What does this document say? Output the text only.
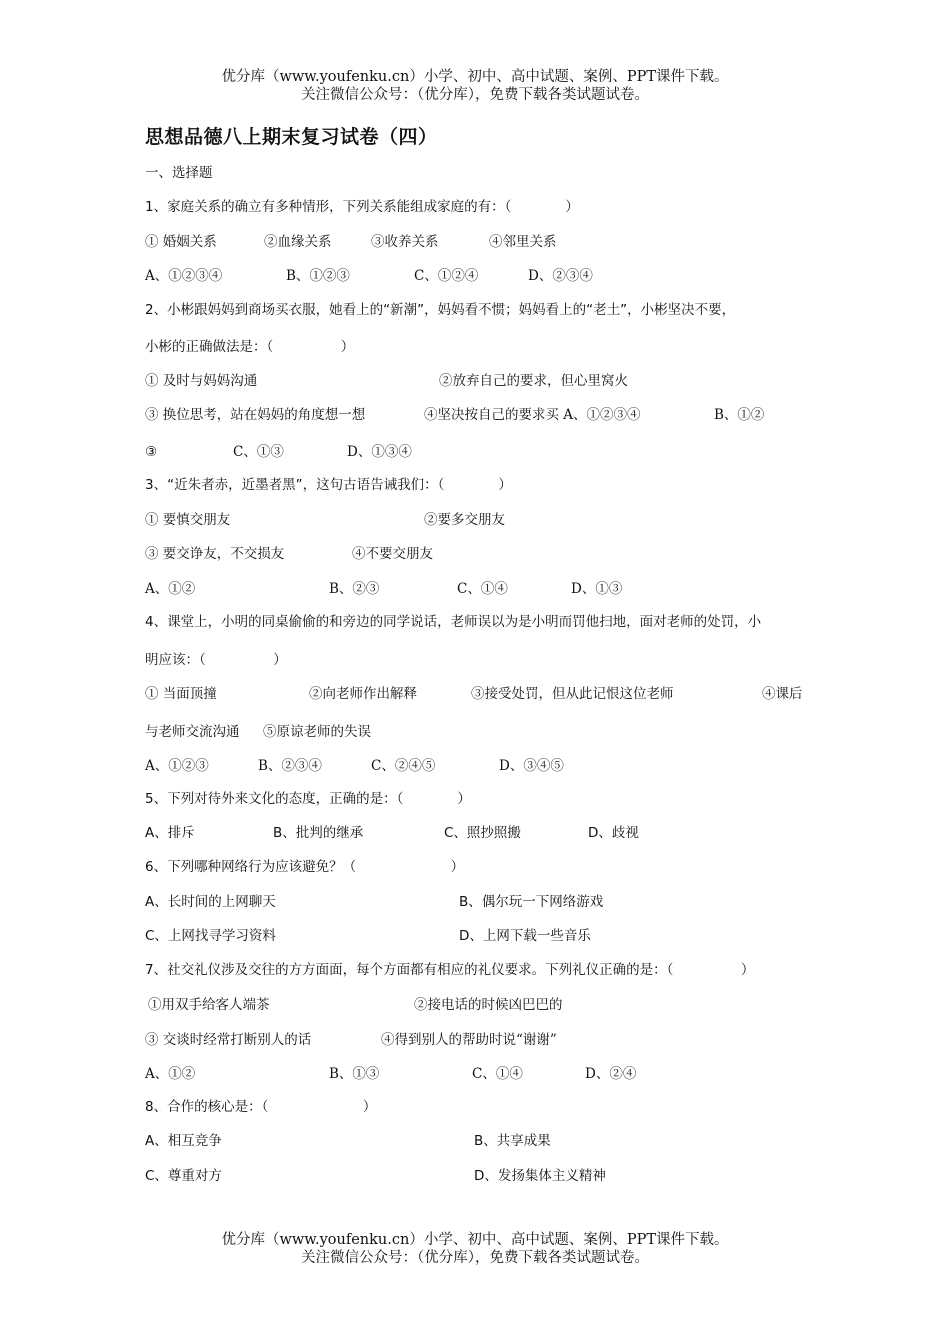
优分库（www.youfenku.cn）小学、初中、高中试题、案例、PPT课件下载。
关注微信公众号：（优分库），免费下载各类试题试卷。
思想品德八上期末复习试卷（四）
一、选择题
1、家庭关系的确立有多种情形，下列关系能组成家庭的有：（　　　　）
① 婚姻关系	②血缘关系	③收养关系	④邻里关系
A、①②③④	B、①②③	C、①②④	D、②③④
2、小彬跟妈妈到商场买衣服，她看上的“新潮”，妈妈看不惯；妈妈看上的“老土”，小彬坚决不要，
小彬的正确做法是：（　　　　　）
① 及时与妈妈沟通	②放弃自己的要求，但心里窝火
③ 换位思考，站在妈妈的角度想一想	④坚决按自己的要求买 A、①②③④	B、①②
③	C、①③	D、①③④
3、“近朱者赤，近墨者黑”，这句古语告诫我们：（　　　　）
① 要慎交朋友	②要多交朋友
③ 要交诤友，不交损友	④不要交朋友
A、①②	B、②③	C、①④	D、①③
4、课堂上，小明的同桌偷偷的和旁边的同学说话，老师误以为是小明而罚他扫地，面对老师的处罚，小
明应该：（　　　　　）
① 当面顶撞	②向老师作出解释	③接受处罚，但从此记恨这位老师	④课后
与老师交流沟通 ⑤原谅老师的失误
A、①②③	B、②③④	C、②④⑤	D、③④⑤
5、下列对待外来文化的态度，正确的是：（　　　　）
A、排斥	B、批判的继承	C、照抄照搬	D、歧视
6、下列哪种网络行为应该避免？（　　　　　　　）
A、长时间的上网聊天	B、偶尔玩一下网络游戏
C、上网找寻学习资料	D、上网下载一些音乐
7、社交礼仪涉及交往的方方面面，每个方面都有相应的礼仪要求。下列礼仪正确的是：（　　　　　）
①用双手给客人端茶	②接电话的时候凶巴巴的
③ 交谈时经常打断别人的话	④得到别人的帮助时说“谢谢”
A、①②	B、①③	C、①④	D、②④
8、合作的核心是：（　　　　　　　）
A、相互竞争	B、共享成果
C、尊重对方	D、发扬集体主义精神
优分库（www.youfenku.cn）小学、初中、高中试题、案例、PPT课件下载。
关注微信公众号：（优分库），免费下载各类试题试卷。
